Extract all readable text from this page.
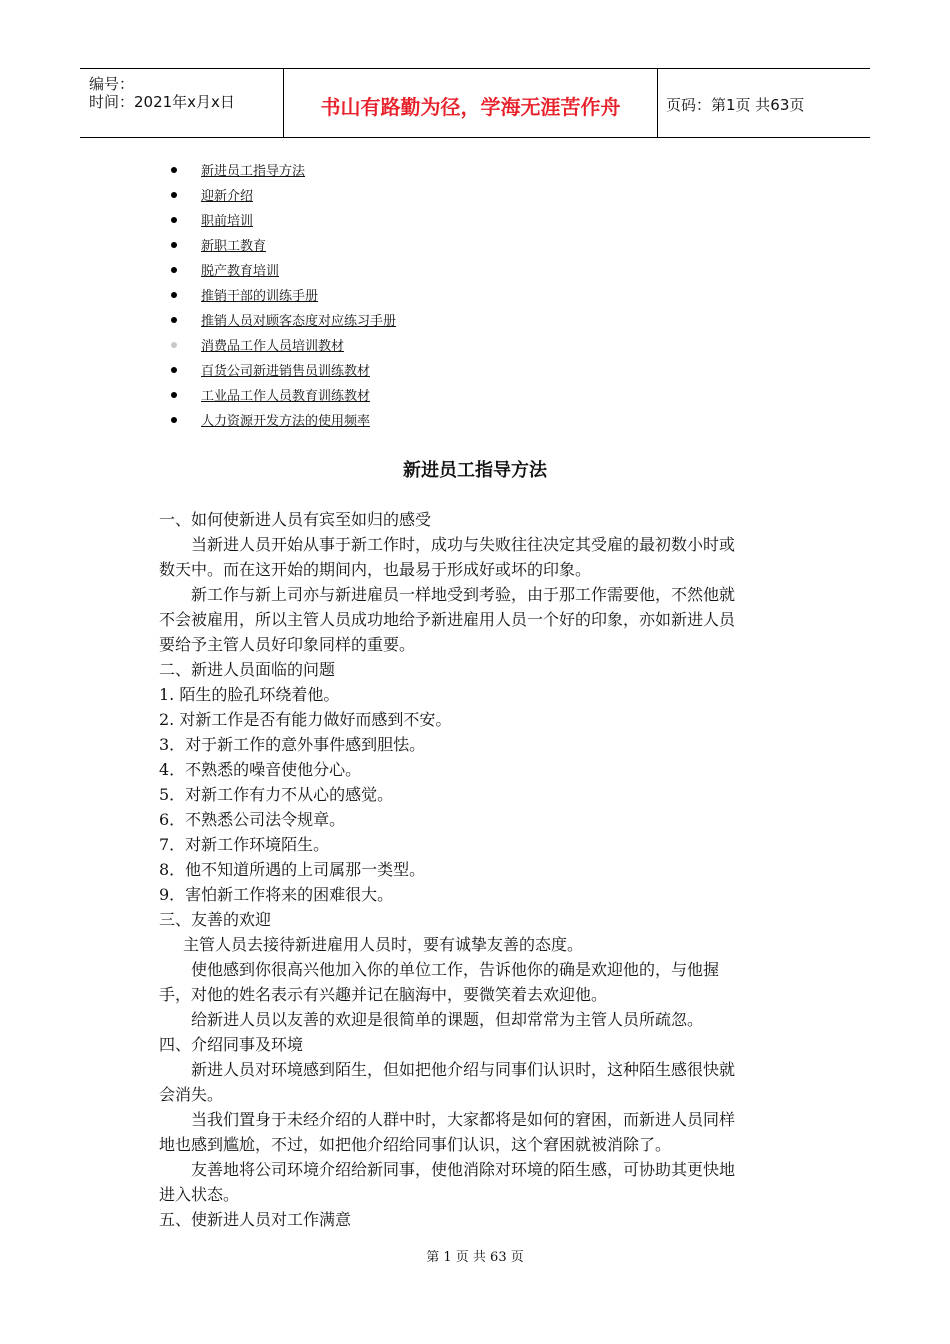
编号：
时间：2021年x月x日	书山有路勤为径，学海无涯苦作舟	页码：第1页 共63页
新进员工指导方法
迎新介绍
职前培训
新职工教育
脱产教育培训
推销干部的训练手册
推销人员对顾客态度对应练习手册
消费品工作人员培训教材
百货公司新进销售员训练教材
工业品工作人员教育训练教材
人力资源开发方法的使用频率
新进员工指导方法
一、如何使新进人员有宾至如归的感受
当新进人员开始从事于新工作时，成功与失败往往决定其受雇的最初数小时或
数天中。而在这开始的期间内，也最易于形成好或坏的印象。
新工作与新上司亦与新进雇员一样地受到考验，由于那工作需要他，不然他就
不会被雇用，所以主管人员成功地给予新进雇用人员一个好的印象，亦如新进人员
要给予主管人员好印象同样的重要。
二、新进人员面临的问题
1. 陌生的脸孔环绕着他。
2. 对新工作是否有能力做好而感到不安。
3．对于新工作的意外事件感到胆怯。
4．不熟悉的噪音使他分心。
5．对新工作有力不从心的感觉。
6．不熟悉公司法令规章。
7．对新工作环境陌生。
8．他不知道所遇的上司属那一类型。
9．害怕新工作将来的困难很大。
三、友善的欢迎
主管人员去接待新进雇用人员时，要有诚挚友善的态度。
使他感到你很高兴他加入你的单位工作，告诉他你的确是欢迎他的，与他握
手，对他的姓名表示有兴趣并记在脑海中，要微笑着去欢迎他。
给新进人员以友善的欢迎是很简单的课题，但却常常为主管人员所疏忽。
四、介绍同事及环境
新进人员对环境感到陌生，但如把他介绍与同事们认识时，这种陌生感很快就
会消失。
当我们置身于未经介绍的人群中时，大家都将是如何的窘困，而新进人员同样
地也感到尴尬，不过，如把他介绍给同事们认识，这个窘困就被消除了。
友善地将公司环境介绍给新同事，使他消除对环境的陌生感，可协助其更快地
进入状态。
五、使新进人员对工作满意
第 1 页 共 63 页
